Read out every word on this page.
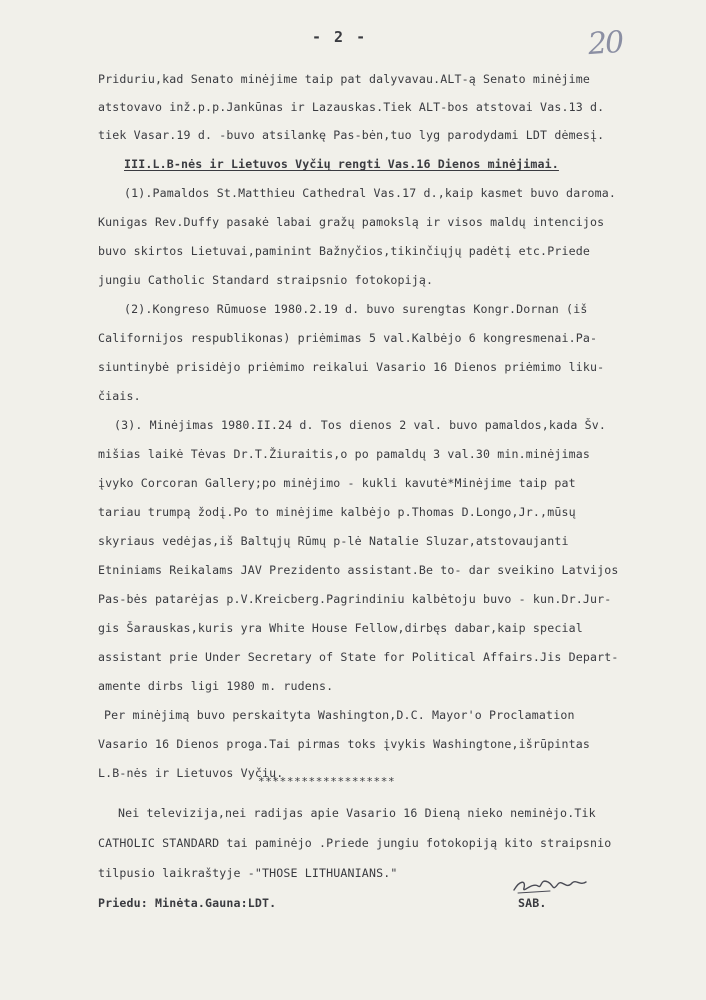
- 2 -	20
Priduriu,kad Senato minėjime taip pat dalyvavau.ALT-ą Senato minėjime
atstovavo inž.p.p.Jankūnas ir Lazauskas.Tiek ALT-bos atstovai Vas.13 d.
tiek Vasar.19 d. -buvo atsilankę Pas-bėn,tuo lyg parodydami LDT dėmesį.
III.L.B-nės ir Lietuvos Vyčių rengti Vas.16 Dienos minėjimai.
(1).Pamaldos St.Matthieu Cathedral Vas.17 d.,kaip kasmet buvo daroma.
Kunigas Rev.Duffy pasakė labai gražų pamokslą ir visos maldų intencijos
buvo skirtos Lietuvai,paminint Bažnyčios,tikinčiųjų padėtį etc.Priede
jungiu Catholic Standard straipsnio fotokopiją.
(2).Kongreso Rūmuose 1980.2.19 d. buvo surengtas Kongr.Dornan (iš
Californijos respublikonas) priėmimas 5 val.Kalbėjo 6 kongresmenai.Pa-
siuntinybė prisidėjo priėmimo reikalui Vasario 16 Dienos priėmimo liku-
čiais.
(3). Minėjimas 1980.II.24 d. Tos dienos 2 val. buvo pamaldos,kada Šv.
mišias laikė Tėvas Dr.T.Žiuraitis,o po pamaldų 3 val.30 min.minėjimas
įvyko Corcoran Gallery;po minėjimo - kukli kavutė*Minėjime taip pat
tariau trumpą žodį.Po to minėjime kalbėjo p.Thomas D.Longo,Jr.,mūsų
skyriaus vedėjas,iš Baltųjų Rūmų p-lė Natalie Sluzar,atstovaujanti
Etniniams Reikalams JAV Prezidento assistant.Be to- dar sveikino Latvijos
Pas-bės patarėjas p.V.Kreicberg.Pagrindiniu kalbėtoju buvo - kun.Dr.Jur-
gis Šarauskas,kuris yra White House Fellow,dirbęs dabar,kaip special
assistant prie Under Secretary of State for Political Affairs.Jis Depart-
amente dirbs ligi 1980 m. rudens.
Per minėjimą buvo perskaityta Washington,D.C. Mayor'o Proclamation
Vasario 16 Dienos proga.Tai pirmas toks įvykis Washingtone,išrūpintas
L.B-nės ir Lietuvos Vyčių.
*******************
Nei televizija,nei radijas apie Vasario 16 Dieną nieko neminėjo.Tik
CATHOLIC STANDARD tai paminėjo .Priede jungiu fotokopiją kito straipsnio
tilpusio laikraštyje -"THOSE LITHUANIANS."
Priedu: Minėta.Gauna:LDT.	SAB.
